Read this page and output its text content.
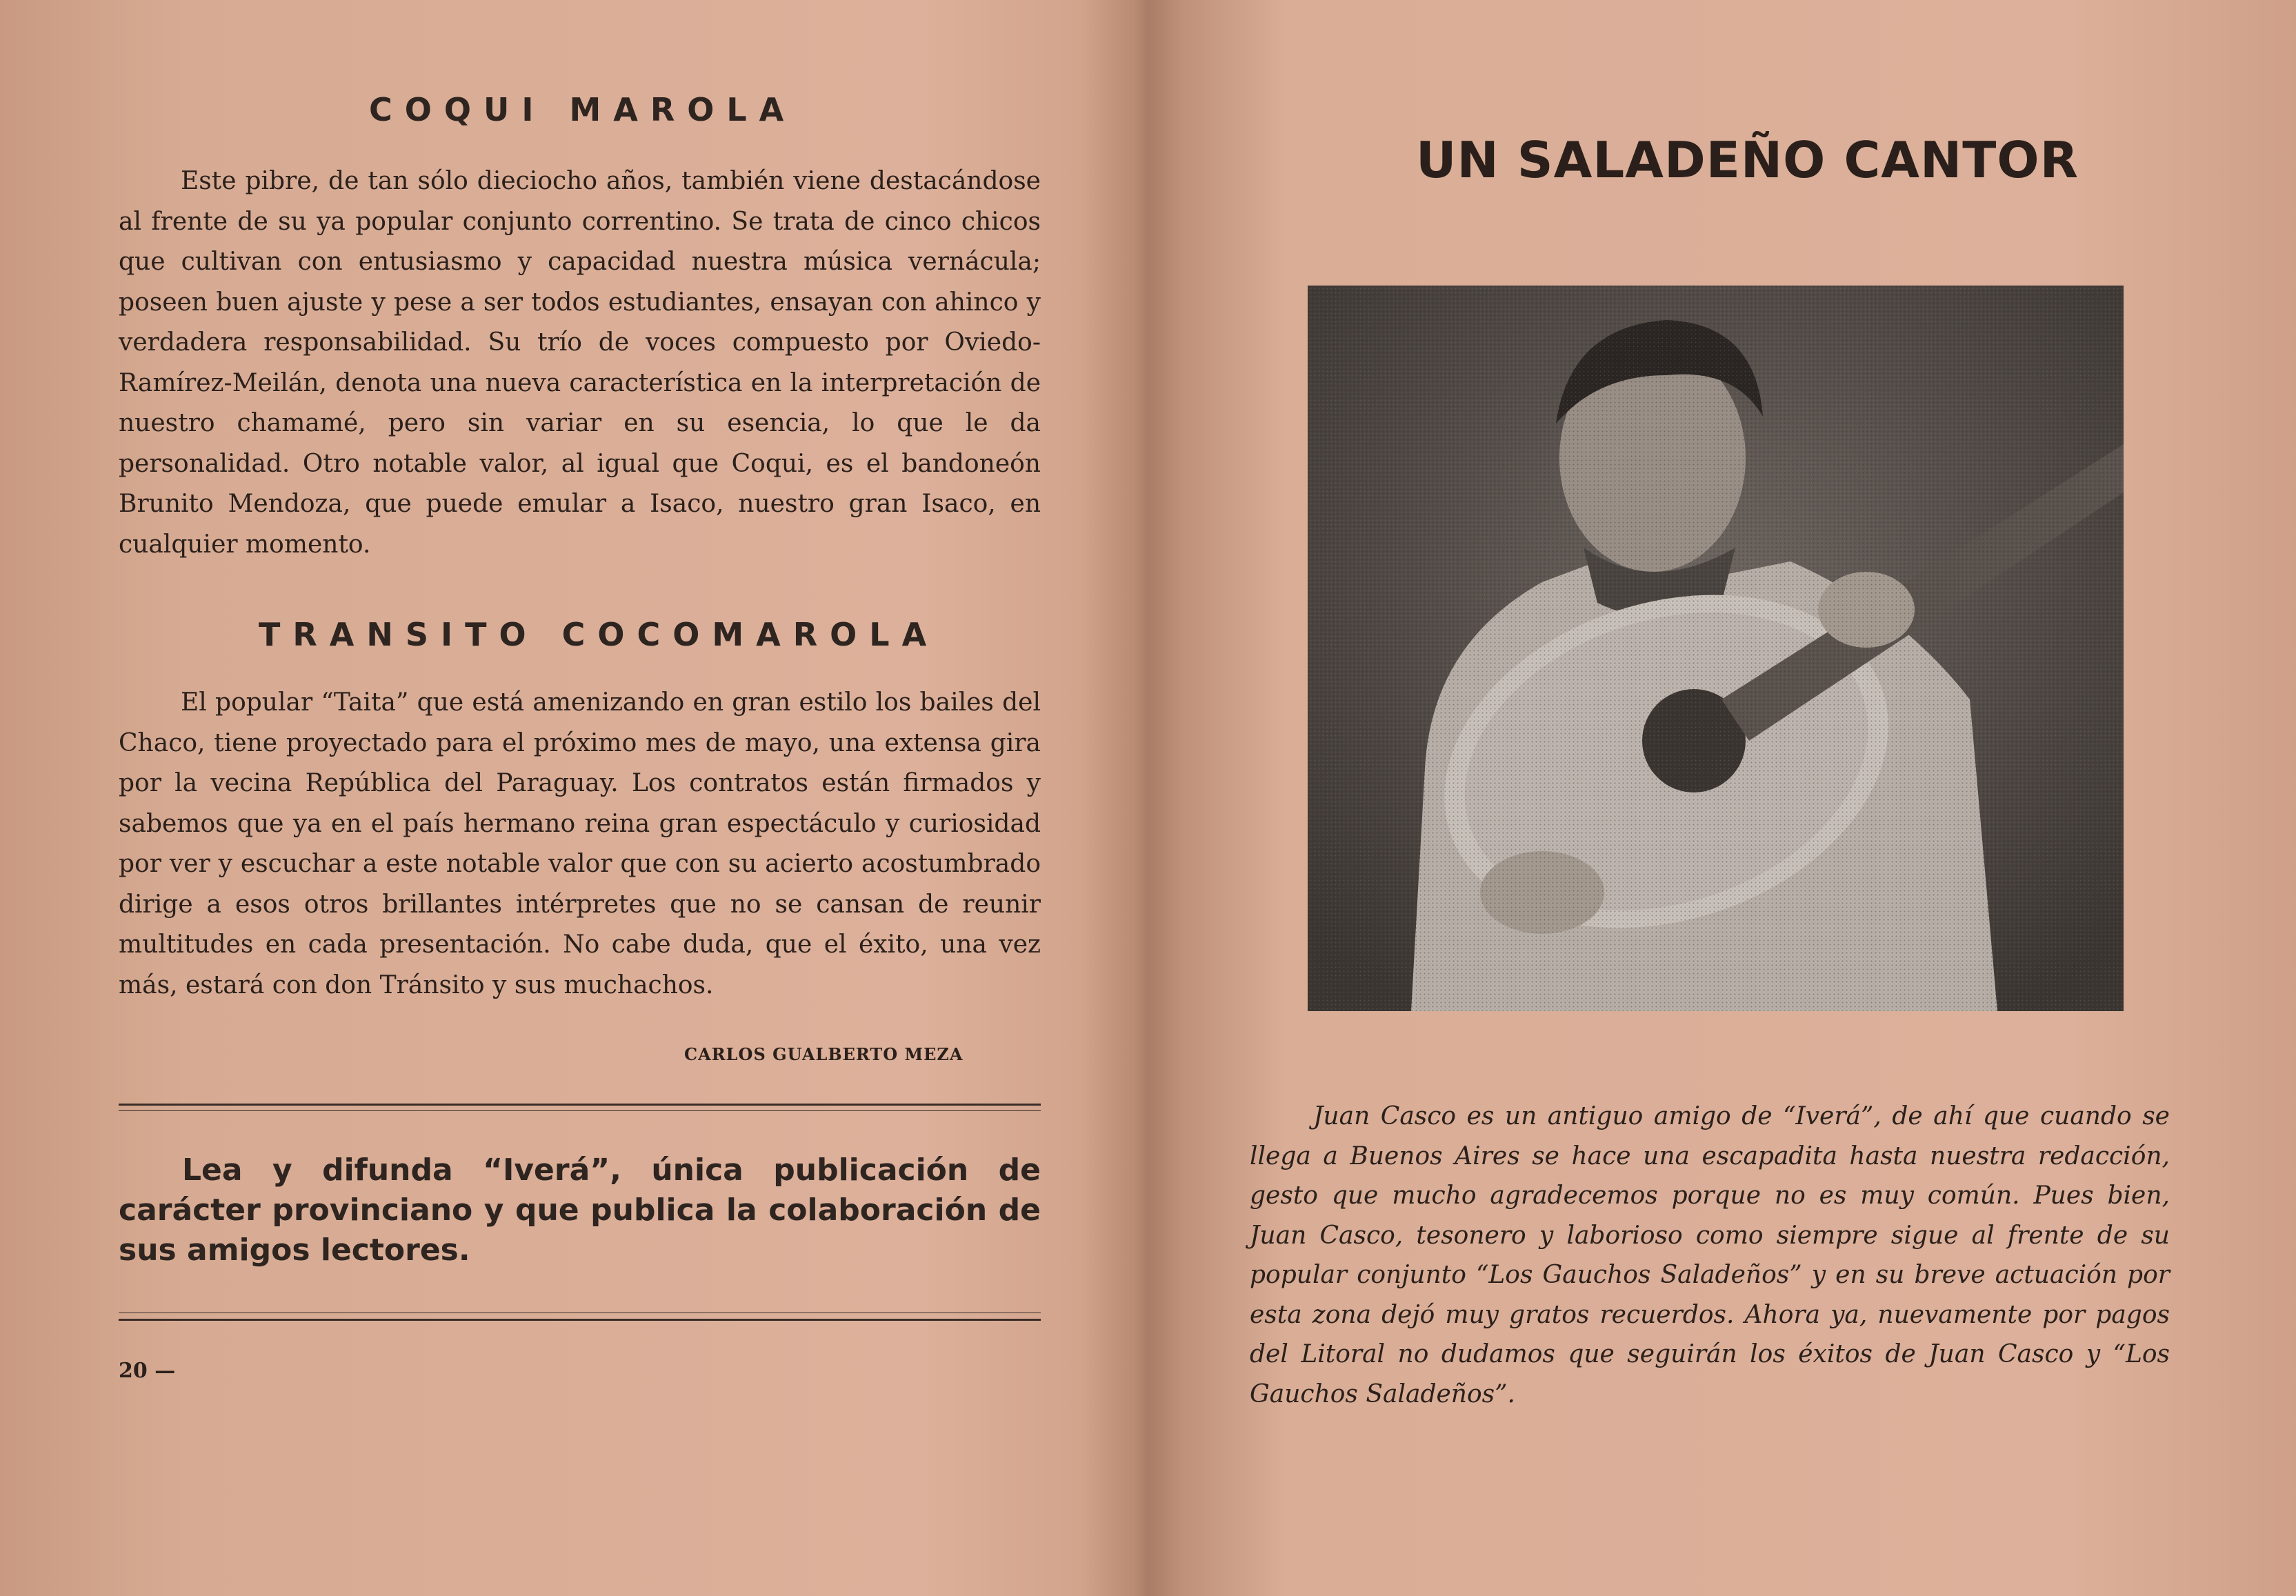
COQUI MAROLA

Este pibre, de tan sólo dieciocho años, también viene destacándose al frente de su ya popular conjunto correntino. Se trata de cinco chicos que cultivan con entusiasmo y capacidad nuestra música vernácula; poseen buen ajuste y pese a ser todos estudiantes, ensayan con ahinco y verdadera responsabilidad. Su trío de voces compuesto por Oviedo-Ramírez-Meilán, denota una nueva característica en la interpretación de nuestro chamamé, pero sin variar en su esencia, lo que le da personalidad. Otro notable valor, al igual que Coqui, es el bandoneón Brunito Mendoza, que puede emular a Isaco, nuestro gran Isaco, en cualquier momento.

TRANSITO COCOMAROLA

El popular “Taita” que está amenizando en gran estilo los bailes del Chaco, tiene proyectado para el próximo mes de mayo, una extensa gira por la vecina República del Paraguay. Los contratos están firmados y sabemos que ya en el país hermano reina gran espectáculo y curiosidad por ver y escuchar a este notable valor que con su acierto acostumbrado dirige a esos otros brillantes intérpretes que no se cansan de reunir multitudes en cada presentación. No cabe duda, que el éxito, una vez más, estará con don Tránsito y sus muchachos.

CARLOS GUALBERTO MEZA

Lea y difunda “Iverá”, única publicación de carácter provinciano y que publica la colaboración de sus amigos lectores.

20 —
UN SALADEÑO CANTOR

Juan Casco es un antiguo amigo de “Iverá”, de ahí que cuando se llega a Buenos Aires se hace una escapadita hasta nuestra redacción, gesto que mucho agradecemos porque no es muy común. Pues bien, Juan Casco, tesonero y laborioso como siempre sigue al frente de su popular conjunto “Los Gauchos Saladeños” y en su breve actuación por esta zona dejó muy gratos recuerdos. Ahora ya, nuevamente por pagos del Litoral no dudamos que seguirán los éxitos de Juan Casco y “Los Gauchos Saladeños”.
